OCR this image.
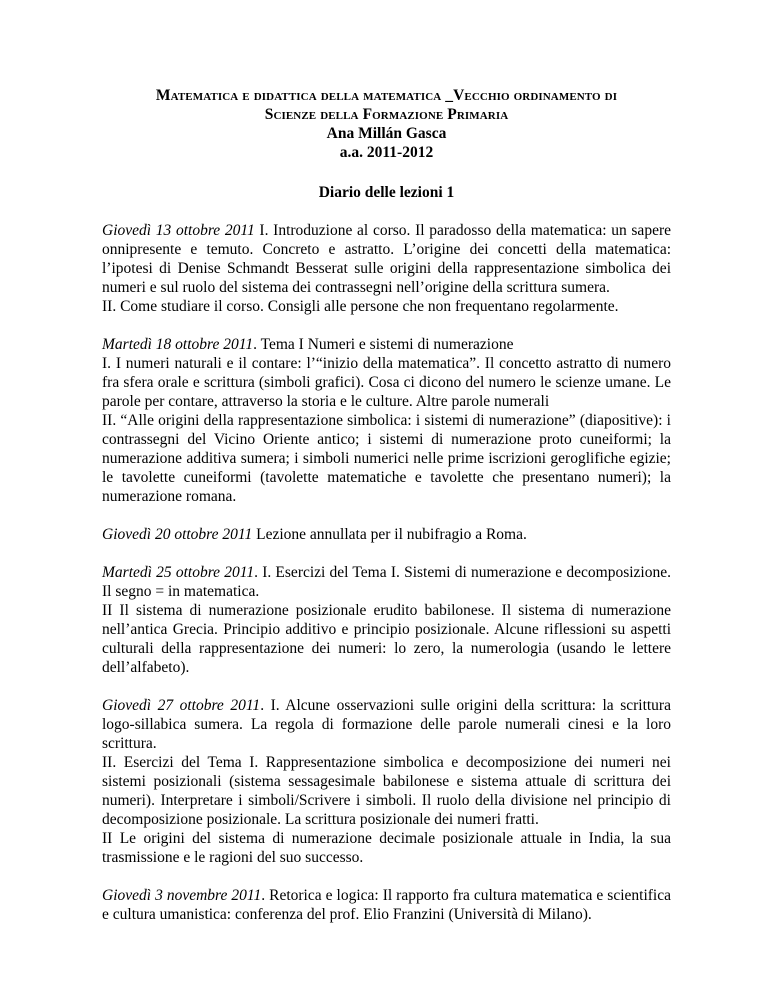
Matematica e didattica della matematica _Vecchio ordinamento di
Scienze della Formazione Primaria
Ana Millán Gasca
a.a. 2011-2012
Diario delle lezioni 1

Giovedì 13 ottobre 2011 I. Introduzione al corso. Il paradosso della matematica: un sapere onnipresente e temuto. Concreto e astratto. L’origine dei concetti della matematica: l’ipotesi di Denise Schmandt Besserat sulle origini della rappresentazione simbolica dei numeri e sul ruolo del sistema dei contrassegni nell’origine della scrittura sumera.

II. Come studiare il corso. Consigli alle persone che non frequentano regolarmente.

Martedì 18 ottobre 2011. Tema I Numeri e sistemi di numerazione

I. I numeri naturali e il contare: l’“inizio della matematica”. Il concetto astratto di numero fra sfera orale e scrittura (simboli grafici). Cosa ci dicono del numero le scienze umane. Le parole per contare, attraverso la storia e le culture. Altre parole numerali

II. “Alle origini della rappresentazione simbolica: i sistemi di numerazione” (diapositive): i contrassegni del Vicino Oriente antico; i sistemi di numerazione proto cuneiformi; la numerazione additiva sumera; i simboli numerici nelle prime iscrizioni geroglifiche egizie; le tavolette cuneiformi (tavolette matematiche e tavolette che presentano numeri); la numerazione romana.

Giovedì 20 ottobre 2011 Lezione annullata per il nubifragio a Roma.

Martedì 25 ottobre 2011. I. Esercizi del Tema I. Sistemi di numerazione e decomposizione. Il segno = in matematica.

II Il sistema di numerazione posizionale erudito babilonese. Il sistema di numerazione nell’antica Grecia. Principio additivo e principio posizionale. Alcune riflessioni su aspetti culturali della rappresentazione dei numeri: lo zero, la numerologia (usando le lettere dell’alfabeto).

Giovedì 27 ottobre 2011. I. Alcune osservazioni sulle origini della scrittura: la scrittura logo-sillabica sumera. La regola di formazione delle parole numerali cinesi e la loro scrittura.

II. Esercizi del Tema I. Rappresentazione simbolica e decomposizione dei numeri nei sistemi posizionali (sistema sessagesimale babilonese e sistema attuale di scrittura dei numeri). Interpretare i simboli/Scrivere i simboli. Il ruolo della divisione nel principio di decomposizione posizionale. La scrittura posizionale dei numeri fratti.

II Le origini del sistema di numerazione decimale posizionale attuale in India, la sua trasmissione e le ragioni del suo successo.

Giovedì 3 novembre 2011. Retorica e logica: Il rapporto fra cultura matematica e scientifica e cultura umanistica: conferenza del prof. Elio Franzini (Università di Milano).
